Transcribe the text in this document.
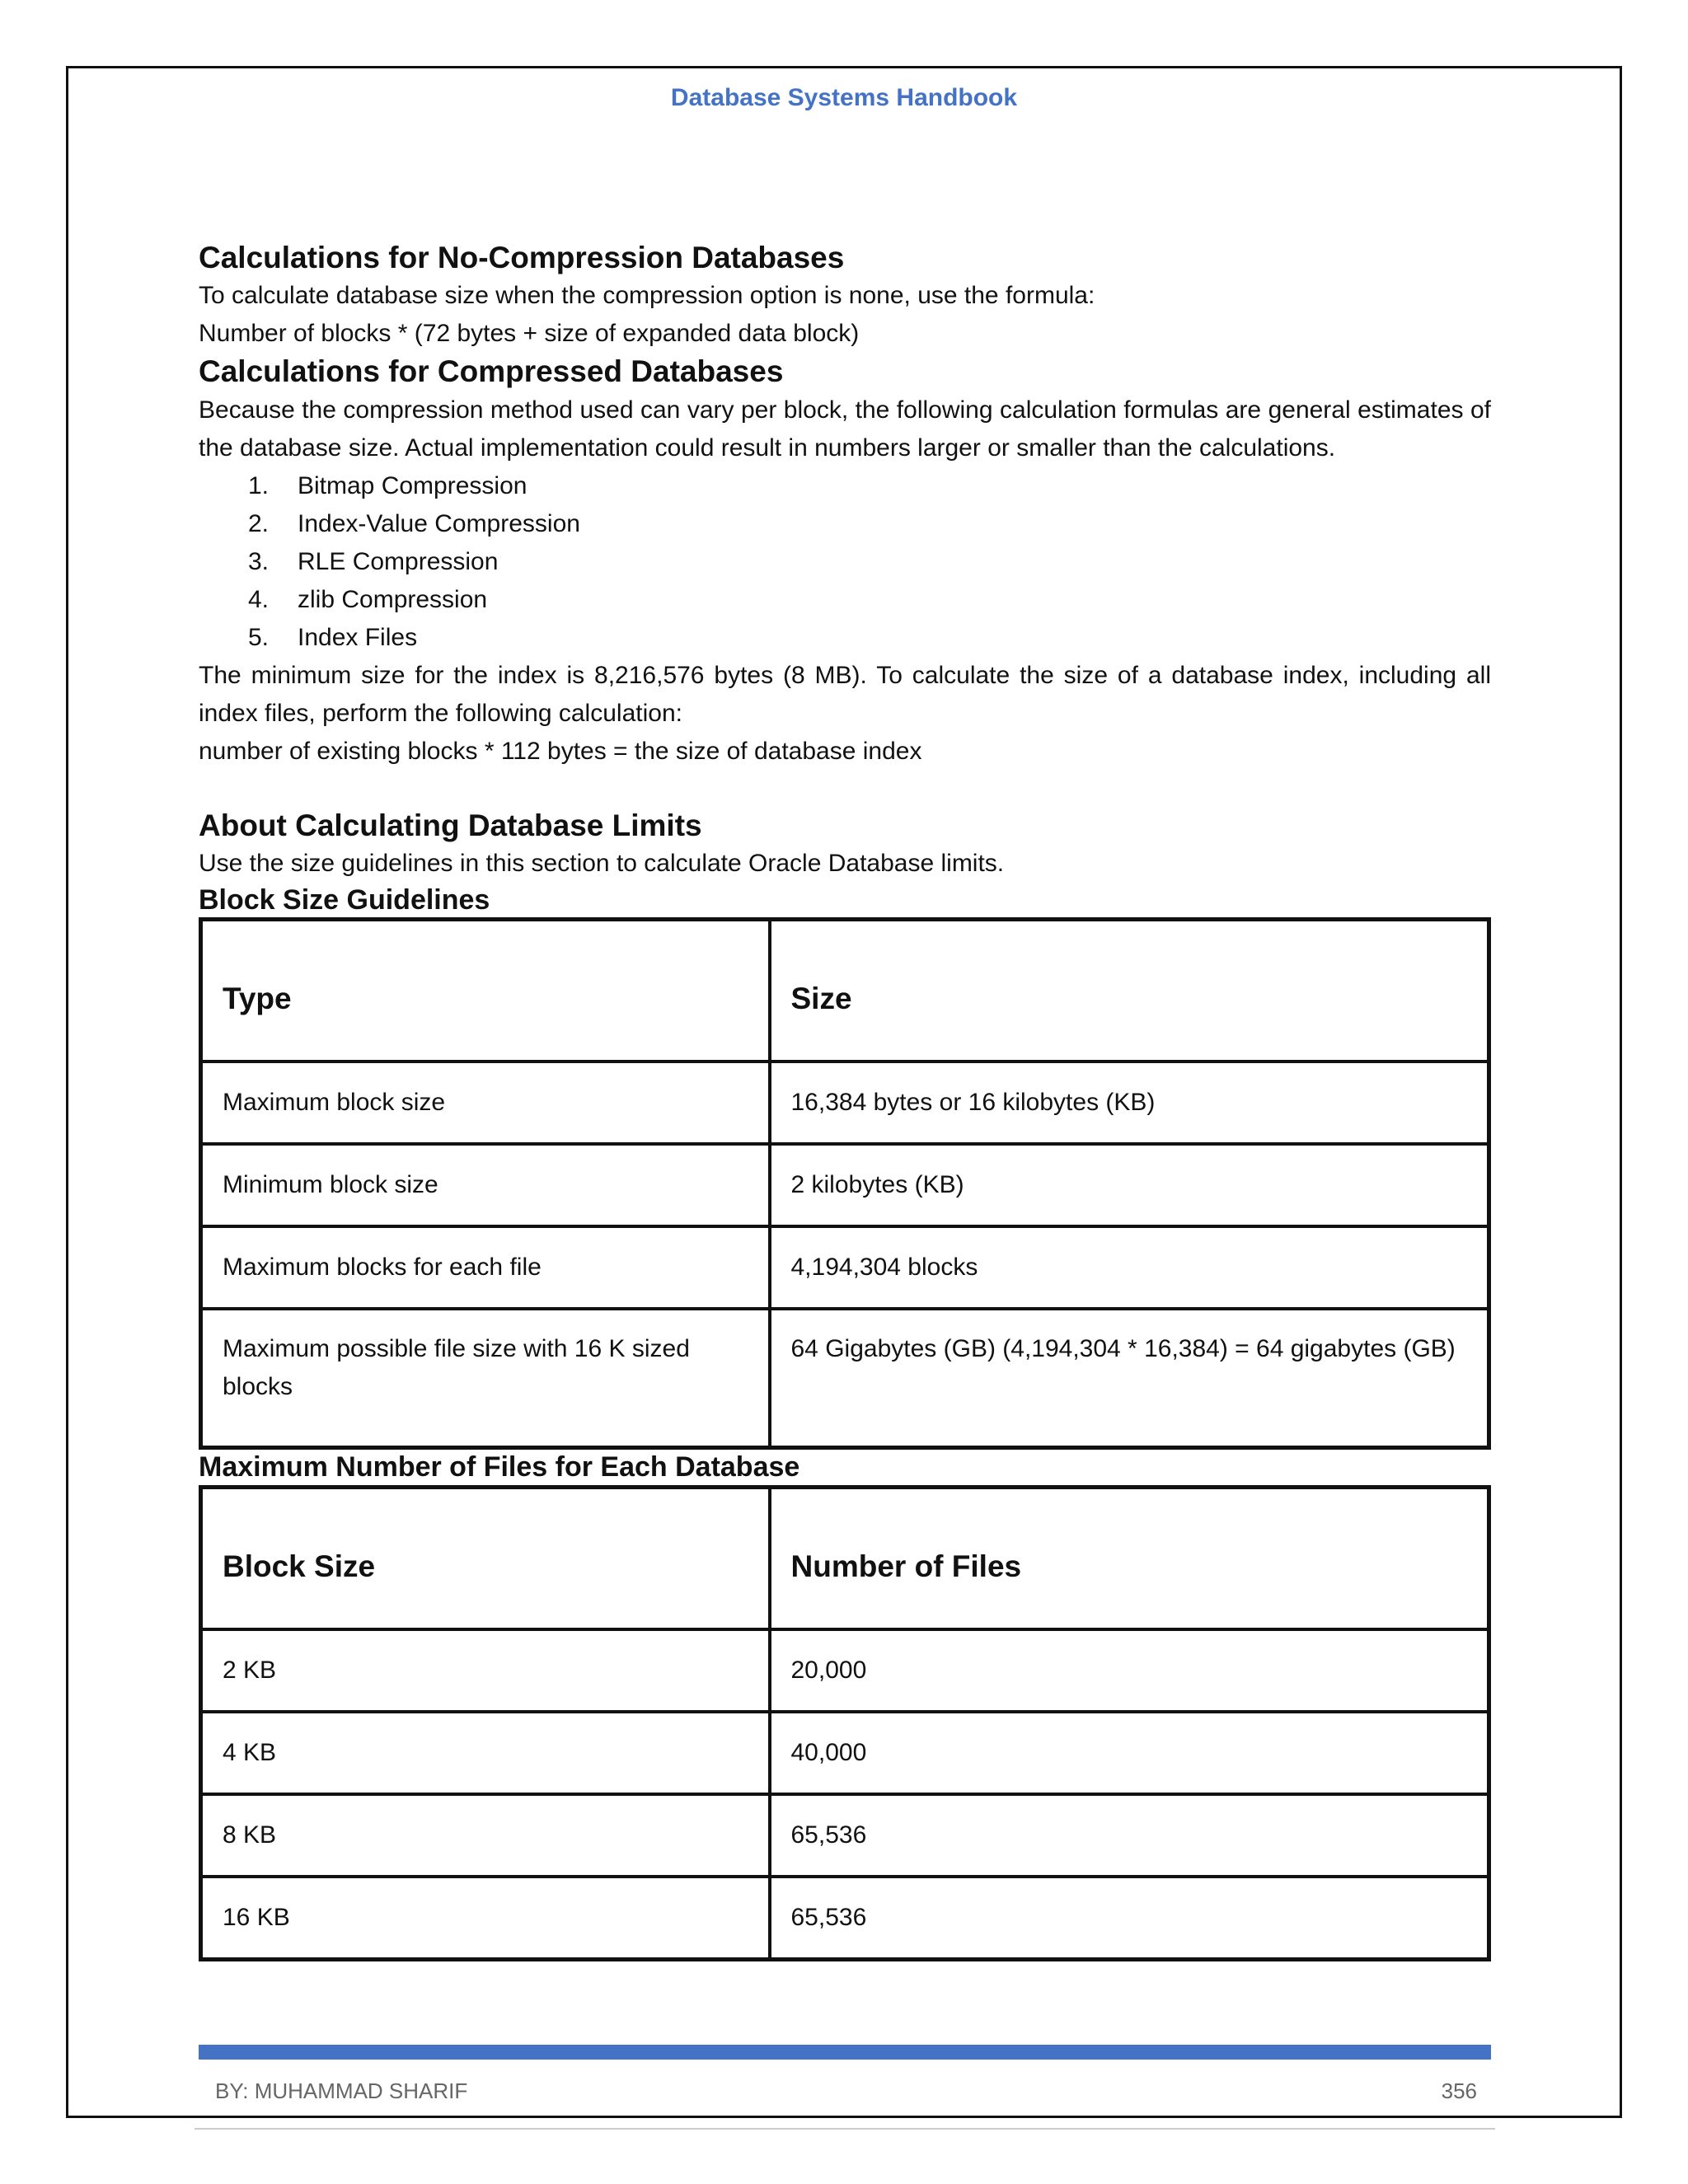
Database Systems Handbook
Calculations for No-Compression Databases

To calculate database size when the compression option is none, use the formula:

Number of blocks * (72 bytes + size of expanded data block)

Calculations for Compressed Databases

Because the compression method used can vary per block, the following calculation formulas are general estimates of the database size. Actual implementation could result in numbers larger or smaller than the calculations.

1.	Bitmap Compression
2.	Index-Value Compression
3.	RLE Compression
4.	zlib Compression
5.	Index Files

The minimum size for the index is 8,216,576 bytes (8 MB). To calculate the size of a database index, including all index files, perform the following calculation:

number of existing blocks * 112 bytes = the size of database index

About Calculating Database Limits

Use the size guidelines in this section to calculate Oracle Database limits.

Block Size Guidelines
Type	Size
Maximum block size	16,384 bytes or 16 kilobytes (KB)
Minimum block size	2 kilobytes (KB)
Maximum blocks for each file	4,194,304 blocks
Maximum possible file size with 16 K sized blocks	64 Gigabytes (GB) (4,194,304 * 16,384) = 64 gigabytes (GB)
Maximum Number of Files for Each Database
Block Size	Number of Files
2 KB	20,000
4 KB	40,000
8 KB	65,536
16 KB	65,536
BY: MUHAMMAD SHARIF	356
